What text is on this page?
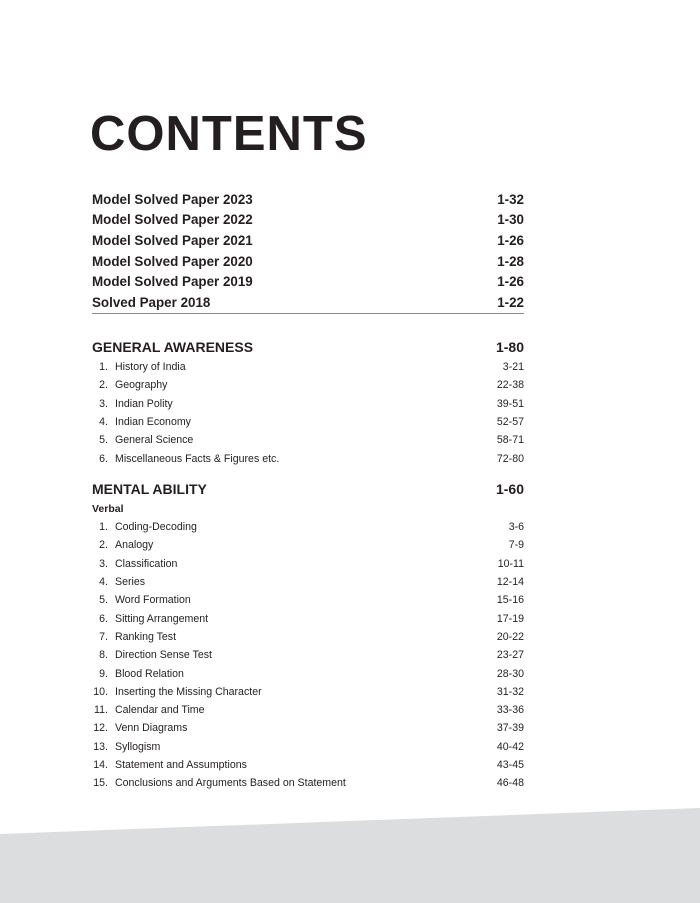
CONTENTS
Model Solved Paper 2023	1-32
Model Solved Paper 2022	1-30
Model Solved Paper 2021	1-26
Model Solved Paper 2020	1-28
Model Solved Paper 2019	1-26
Solved Paper 2018	1-22
GENERAL AWARENESS	1-80
1. History of India	3-21
2. Geography	22-38
3. Indian Polity	39-51
4. Indian Economy	52-57
5. General Science	58-71
6. Miscellaneous Facts & Figures etc.	72-80
MENTAL ABILITY	1-60
Verbal
1. Coding-Decoding	3-6
2. Analogy	7-9
3. Classification	10-11
4. Series	12-14
5. Word Formation	15-16
6. Sitting Arrangement	17-19
7. Ranking Test	20-22
8. Direction Sense Test	23-27
9. Blood Relation	28-30
10. Inserting the Missing Character	31-32
11. Calendar and Time	33-36
12. Venn Diagrams	37-39
13. Syllogism	40-42
14. Statement and Assumptions	43-45
15. Conclusions and Arguments Based on Statement	46-48
